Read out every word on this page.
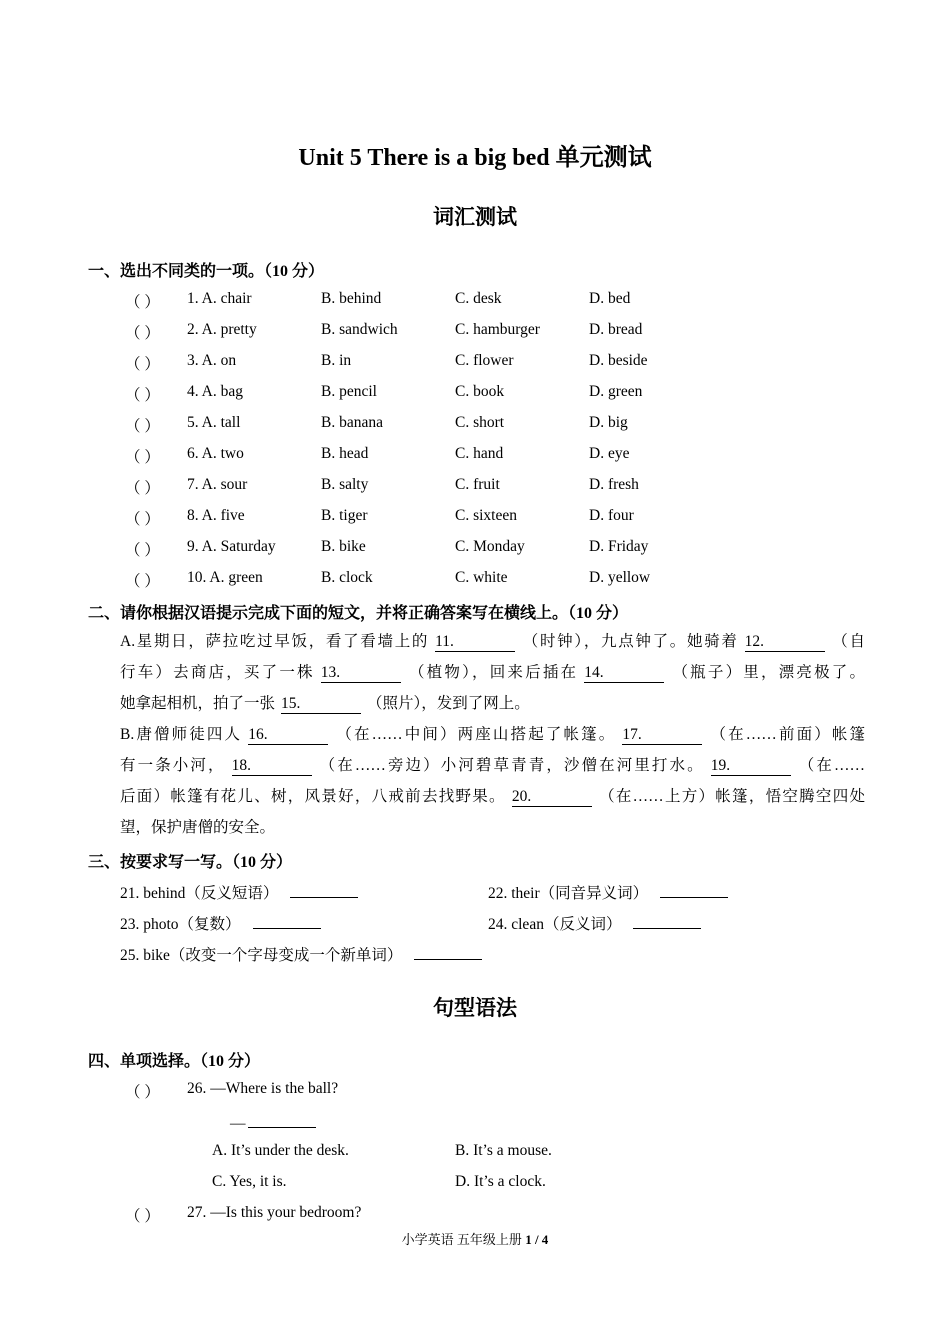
Unit 5 There is a big bed 单元测试
词汇测试
一、选出不同类的一项。（10 分）
（ ） 1. A. chair	B. behind	C. desk	D. bed
（ ） 2. A. pretty	B. sandwich	C. hamburger	D. bread
（ ） 3. A. on	B. in	C. flower	D. beside
（ ） 4. A. bag	B. pencil	C. book	D. green
（ ） 5. A. tall	B. banana	C. short	D. big
（ ） 6. A. two	B. head	C. hand	D. eye
（ ） 7. A. sour	B. salty	C. fruit	D. fresh
（ ） 8. A. five	B. tiger	C. sixteen	D. four
（ ） 9. A. Saturday	B. bike	C. Monday	D. Friday
（ ） 10. A. green	B. clock	C. white	D. yellow
二、请你根据汉语提示完成下面的短文，并将正确答案写在横线上。（10 分）
A.星期日，萨拉吃过早饭，看了看墙上的 11.	（时钟），九点钟了。她骑着 12.	（自
行车）去商店，买了一株 13.	（植物），回来后插在 14.	（瓶子）里，漂亮极了。
她拿起相机，拍了一张 15.	（照片），发到了网上。
B.唐僧师徒四人 16.	（在……中间）两座山搭起了帐篷。 17.	（在……前面）帐篷
有一条小河， 18.	（在……旁边）小河碧草青青，沙僧在河里打水。 19.	（在……
后面）帐篷有花儿、树，风景好，八戒前去找野果。 20.	（在……上方）帐篷，悟空腾空四处
望，保护唐僧的安全。
三、按要求写一写。（10 分）
21. behind（反义短语）	22. their（同音异义词）
23. photo（复数）	24. clean（反义词）
25. bike（改变一个字母变成一个新单词）
句型语法
四、单项选择。（10 分）
（ ） 26. —Where is the ball?
—
A. It’s under the desk.	B. It’s a mouse.
C. Yes, it is.	D. It’s a clock.
（ ） 27. —Is this your bedroom?
小学英语 五年级上册 1 / 4
